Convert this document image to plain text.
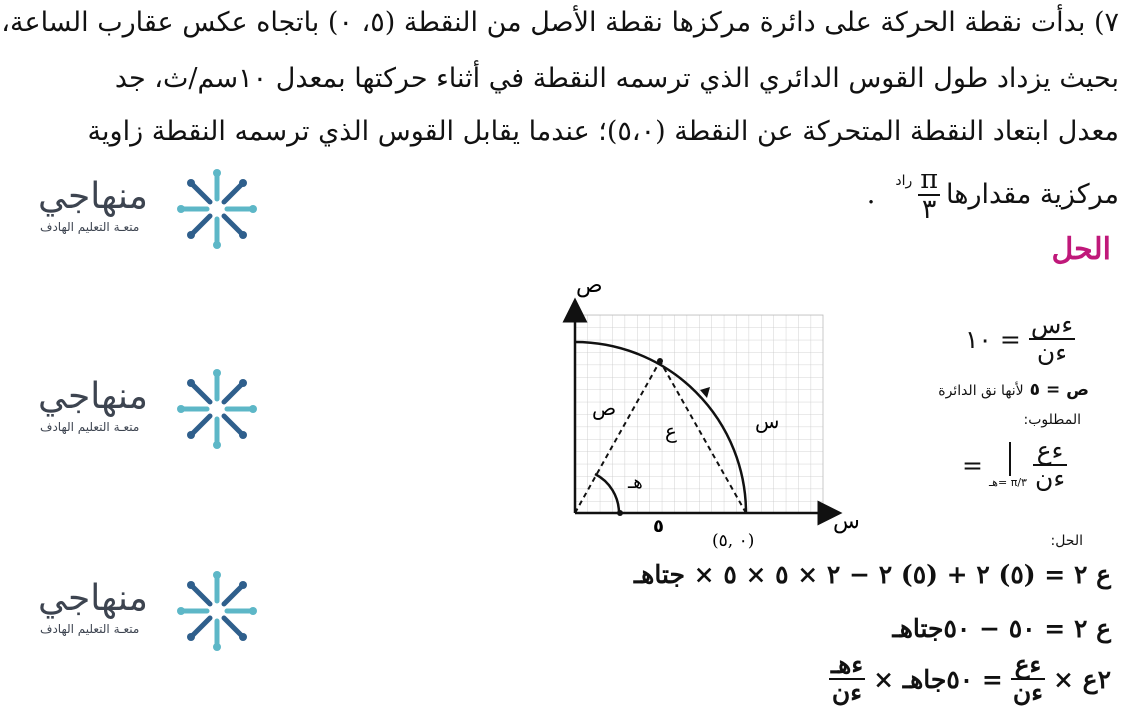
٧) بدأت نقطة الحركة على دائرة مركزها نقطة الأصل من النقطة (٥، ٠) باتجاه عكس عقارب الساعة،
بحيث يزداد طول القوس الدائري الذي ترسمه النقطة في أثناء حركتها بمعدل ١٠سم/ث، جد
معدل ابتعاد النقطة المتحركة عن النقطة (٥،٠)؛ عندما يقابل القوس الذي ترسمه النقطة زاوية
مركزية مقدارها
$\frac{\pi}{٣}$
راد
.
الحل
منهاجي
متعـة التعليم الهادف
منهاجي
متعـة التعليم الهادف
منهاجي
متعـة التعليم الهادف
ص
س
ص
ع	س
هـ
٥
(٠ ,٥)
١٠ = $\frac{\text{ءس}}{\text{ءن}}$
ص = ٥
لأنها نق الدائرة
المطلوب:
=
هـ= π/٣ $\frac{\text{ءع}}{\text{ءن}}$
الحل:
ع ٢ = (٥) ٢ + (٥) ٢ − ٢ × ٥ × ٥ × جتاهـ
ع ٢ = ٥٠ − ٥٠جتاهـ
٢ع ×
$\frac{\text{ءع}}{\text{ءن}}$
= ٥٠جاهـ ×
$\frac{\text{ءهـ}}{\text{ءن}}$
